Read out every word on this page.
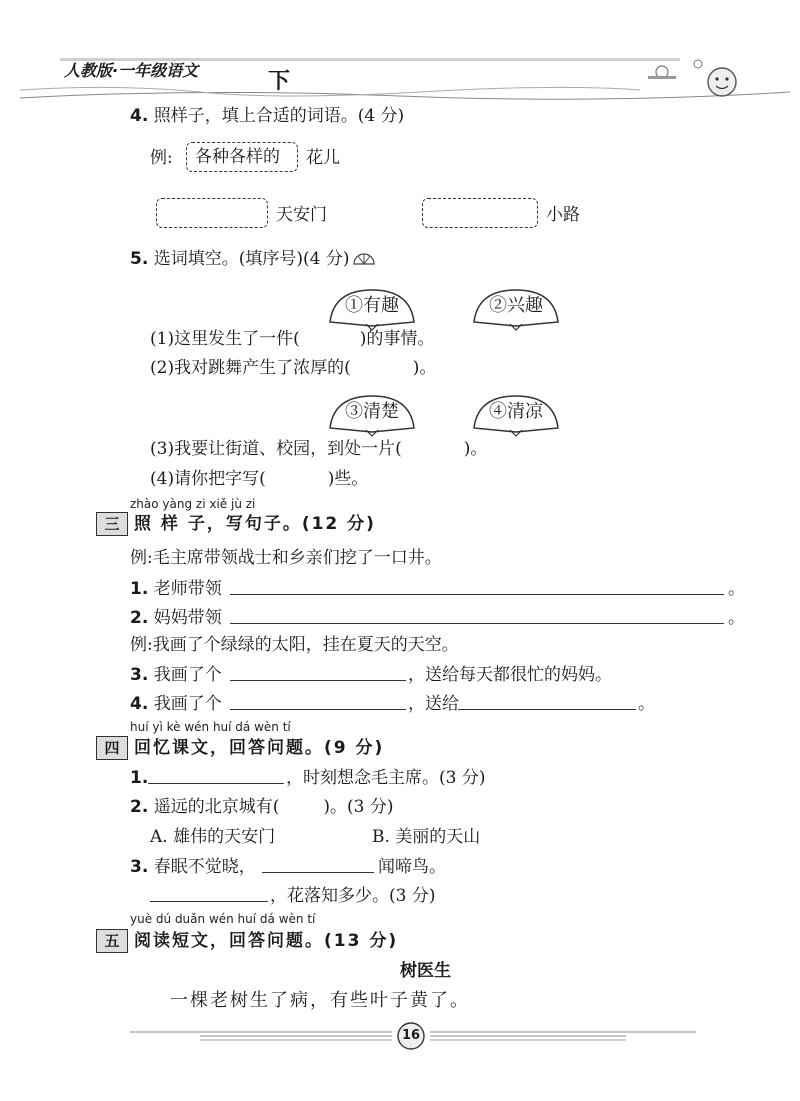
人教版·一年级语文	下
4. 照样子，填上合适的词语。(4 分)
例: 各种各样的 花儿
天安门	小路
5. 选词填空。(填序号)(4 分)
①有趣	②兴趣
(1)这里发生了一件(	)的事情。
(2)我对跳舞产生了浓厚的(	)。
③清楚	④清凉
(3)我要让街道、校园，到处一片(	)。
(4)请你把字写(	)些。
zhào yàng zi xiě jù zi
三 照 样 子，写句子。(12 分)
例:毛主席带领战士和乡亲们挖了一口井。
1. 老师带领	。
2. 妈妈带领	。
例:我画了个绿绿的太阳，挂在夏天的天空。
3. 我画了个	，送给每天都很忙的妈妈。
4. 我画了个	，送给	。
huí yì kè wén huí dá wèn tí
四 回忆课文，回答问题。(9 分)
1.	，时刻想念毛主席。(3 分)
2. 遥远的北京城有(	)。(3 分)
A. 雄伟的天安门	B. 美丽的天山
3. 春眠不觉晓，	闻啼鸟。
，花落知多少。(3 分)
yuè dú duǎn wén huí dá wèn tí
五 阅读短文，回答问题。(13 分)
树医生
一棵老树生了病，有些叶子黄了。
16
